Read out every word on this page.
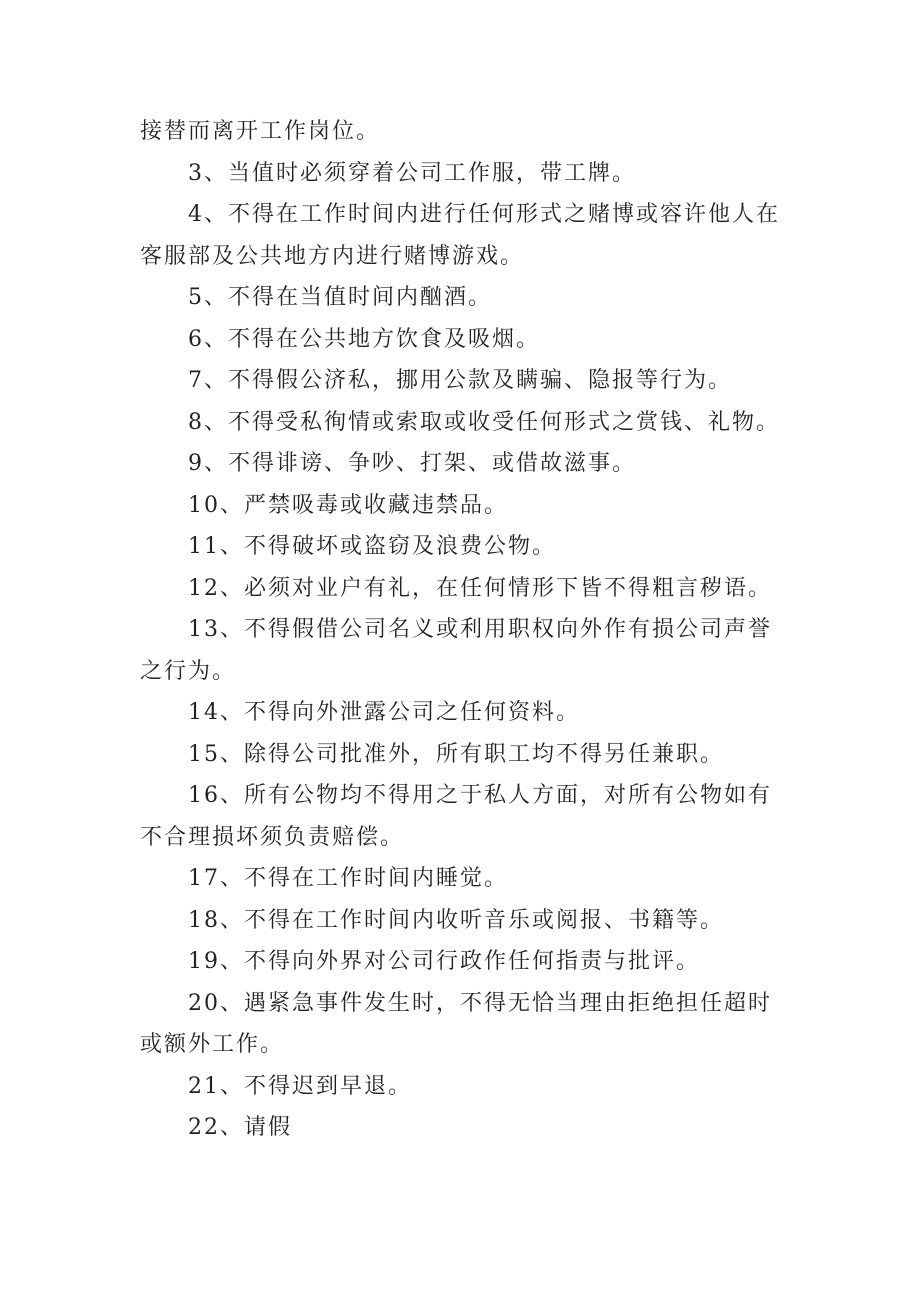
接替而离开工作岗位。

3、当值时必须穿着公司工作服，带工牌。

4、不得在工作时间内进行任何形式之赌博或容许他人在客服部及公共地方内进行赌博游戏。

5、不得在当值时间内酗酒。

6、不得在公共地方饮食及吸烟。

7、不得假公济私，挪用公款及瞒骗、隐报等行为。

8、不得受私徇情或索取或收受任何形式之赏钱、礼物。

9、不得诽谤、争吵、打架、或借故滋事。

10、严禁吸毒或收藏违禁品。

11、不得破坏或盗窃及浪费公物。

12、必须对业户有礼，在任何情形下皆不得粗言秽语。

13、不得假借公司名义或利用职权向外作有损公司声誉之行为。

14、不得向外泄露公司之任何资料。

15、除得公司批准外，所有职工均不得另任兼职。

16、所有公物均不得用之于私人方面，对所有公物如有不合理损坏须负责赔偿。

17、不得在工作时间内睡觉。

18、不得在工作时间内收听音乐或阅报、书籍等。

19、不得向外界对公司行政作任何指责与批评。

20、遇紧急事件发生时，不得无恰当理由拒绝担任超时或额外工作。

21、不得迟到早退。

22、请假
